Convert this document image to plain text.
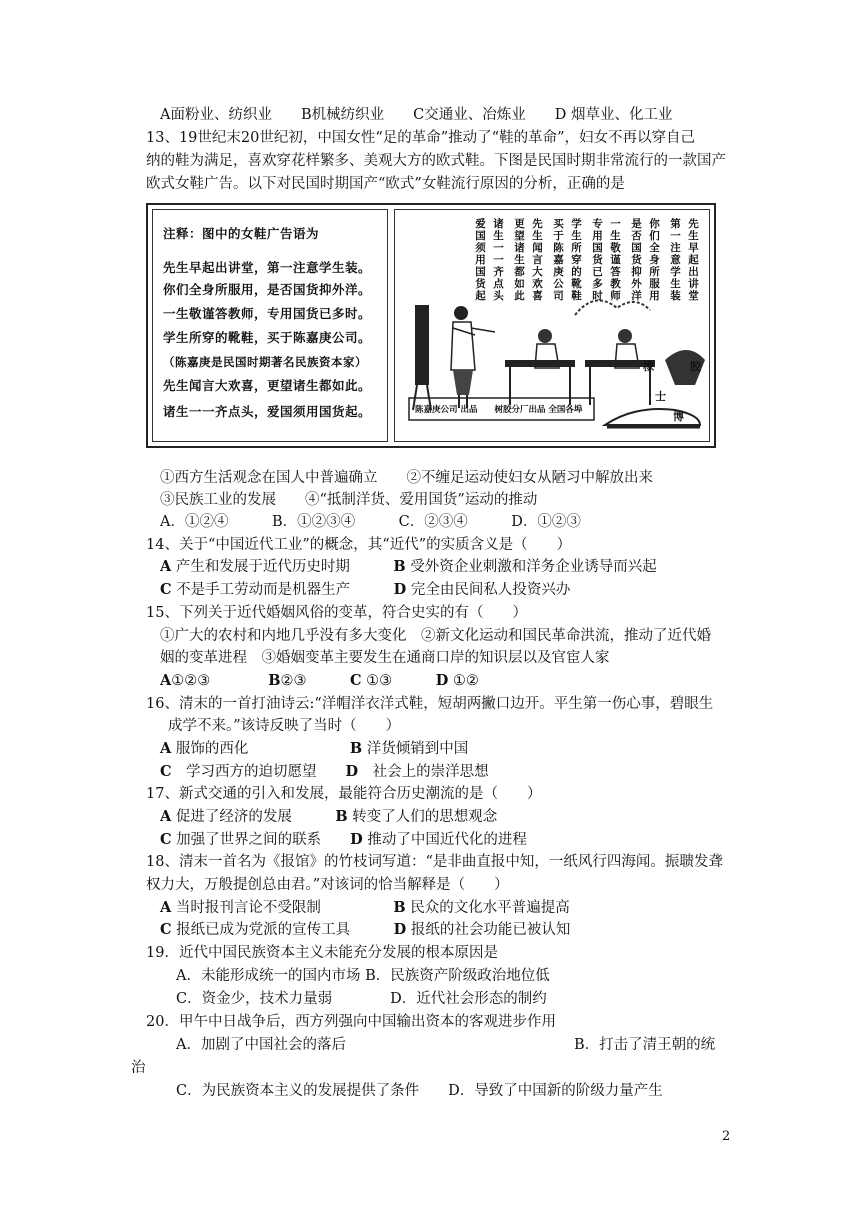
A面粉业、纺织业　　B机械纺织业　　C交通业、冶炼业　　D 烟草业、化工业
13、19世纪末20世纪初，中国女性“足的革命”推动了“鞋的革命”，妇女不再以穿自己
纳的鞋为满足，喜欢穿花样繁多、美观大方的欧式鞋。下图是民国时期非常流行的一款国产
欧式女鞋广告。以下对民国时期国产“欧式”女鞋流行原因的分析，正确的是
注释：图中的女鞋广告语为
先生早起出讲堂，第一注意学生装。
你们全身所服用，是否国货抑外洋。
一生敬谨答教师，专用国货已多时。
学生所穿的靴鞋，买于陈嘉庚公司。
（陈嘉庚是民国时期著名民族资本家）
先生闻言大欢喜，更望诸生都如此。
诸生一一齐点头，爱国须用国货起。
先生早起出讲堂
第一注意学生装
你们全身所服用
是否国货抑外洋
一生敬谨答教师
专用国货已多时
学生所穿的靴鞋
买于陈嘉庚公司
先生闻言大欢喜
更望诸生都如此
诸生一一齐点头
爱国须用国货起
橡	胶
博
士
陈嘉庚公司 出品　　树胶分厂出品 全国各埠
①西方生活观念在国人中普遍确立　　②不缠足运动使妇女从陋习中解放出来
③民族工业的发展　　④“抵制洋货、爱用国货”运动的推动
A．①②④　　　B．①②③④　　　C．②③④　　　D．①②③
14、关于“中国近代工业”的概念，其“近代”的实质含义是（　　）
A 产生和发展于近代历史时期　　　B 受外资企业刺激和洋务企业诱导而兴起
C 不是手工劳动而是机器生产　　　D 完全由民间私人投资兴办
15、下列关于近代婚姻风俗的变革，符合史实的有（　　）
①广大的农村和内地几乎没有多大变化　②新文化运动和国民革命洪流，推动了近代婚
姻的变革进程　③婚姻变革主要发生在通商口岸的知识层以及官宦人家
A①②③　　　　B②③　　　C ①③　　　D ①②
16、清末的一首打油诗云:“洋帽洋衣洋式鞋，短胡两撇口边开。平生第一伤心事，碧眼生
成学不来。”该诗反映了当时（　　）
A 服饰的西化　　　　　　　B 洋货倾销到中国
C　学习西方的迫切愿望　　D　社会上的崇洋思想
17、新式交通的引入和发展，最能符合历史潮流的是（　　）
A 促进了经济的发展　　　B 转变了人们的思想观念
C 加强了世界之间的联系　　D 推动了中国近代化的进程
18、清末一首名为《报馆》的竹枝词写道：“是非曲直报中知，一纸风行四海闻。振聩发聋
权力大，万般提创总由君。”对该词的恰当解释是（　　）
A 当时报刊言论不受限制　　　　　B 民众的文化水平普遍提高
C 报纸已成为党派的宣传工具　　　D 报纸的社会功能已被认知
19．近代中国民族资本主义未能充分发展的根本原因是
A．未能形成统一的国内市场 B．民族资产阶级政治地位低
C．资金少，技术力量弱　　　　D．近代社会形态的制约
20．甲午中日战争后，西方列强向中国输出资本的客观进步作用
A．加剧了中国社会的落后	B．打击了清王朝的统
治
C．为民族资本主义的发展提供了条件　　D．导致了中国新的阶级力量产生
2
